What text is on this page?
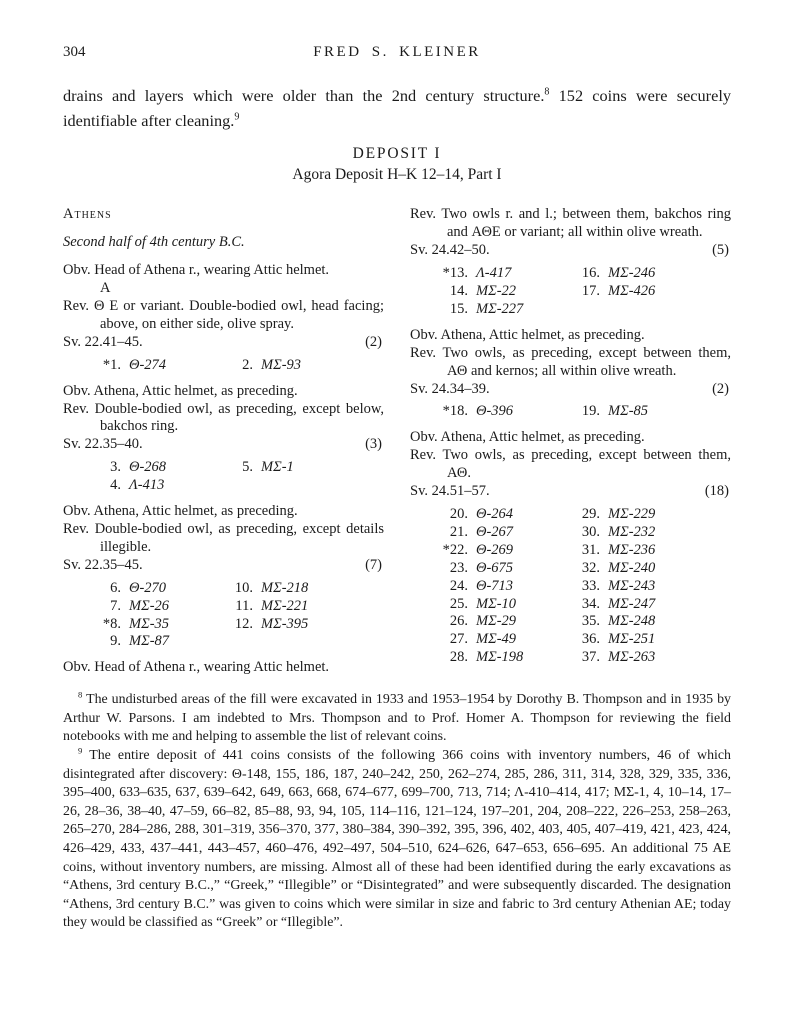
304	FRED S. KLEINER

drains and layers which were older than the 2nd century structure.$^8$ 152 coins were securely identifiable after cleaning.$^9$

DEPOSIT I
Agora Deposit H–K 12–14, Part I
Athens
Second half of 4th century B.C.
Obv. Head of Athena r., wearing Attic helmet.
A
Rev. Θ E or variant. Double-bodied owl, head facing; above, on either side, olive spray.
Sv. 22.41–45.	(2)
*1. Θ-274	2. MΣ-93
Obv. Athena, Attic helmet, as preceding.
Rev. Double-bodied owl, as preceding, except below, bakchos ring.
Sv. 22.35–40.	(3)
3. Θ-268	5. MΣ-1
4. Λ-413
Obv. Athena, Attic helmet, as preceding.
Rev. Double-bodied owl, as preceding, except details illegible.
Sv. 22.35–45.	(7)
6. Θ-270	10. MΣ-218
7. MΣ-26	11. MΣ-221
*8. MΣ-35	12. MΣ-395
9. MΣ-87
Obv. Head of Athena r., wearing Attic helmet.
Rev. Two owls r. and l.; between them, bakchos ring and ΑΘΕ or variant; all within olive wreath.
Sv. 24.42–50.	(5)
*13. Λ-417	16. MΣ-246
14. MΣ-22	17. MΣ-426
15. MΣ-227
Obv. Athena, Attic helmet, as preceding.
Rev. Two owls, as preceding, except between them, ΑΘ and kernos; all within olive wreath.
Sv. 24.34–39.	(2)
*18. Θ-396	19. MΣ-85
Obv. Athena, Attic helmet, as preceding.
Rev. Two owls, as preceding, except between them, ΑΘ.
Sv. 24.51–57.	(18)
20. Θ-264	29. MΣ-229
21. Θ-267	30. MΣ-232
*22. Θ-269	31. MΣ-236
23. Θ-675	32. MΣ-240
24. Θ-713	33. MΣ-243
25. MΣ-10	34. MΣ-247
26. MΣ-29	35. MΣ-248
27. MΣ-49	36. MΣ-251
28. MΣ-198	37. MΣ-263

$^8$ The undisturbed areas of the fill were excavated in 1933 and 1953–1954 by Dorothy B. Thompson and in 1935 by Arthur W. Parsons. I am indebted to Mrs. Thompson and to Prof. Homer A. Thompson for reviewing the field notebooks with me and helping to assemble the list of relevant coins.

$^9$ The entire deposit of 441 coins consists of the following 366 coins with inventory numbers, 46 of which disintegrated after discovery: Θ-148, 155, 186, 187, 240–242, 250, 262–274, 285, 286, 311, 314, 328, 329, 335, 336, 395–400, 633–635, 637, 639–642, 649, 663, 668, 674–677, 699–700, 713, 714; Λ-410–414, 417; MΣ-1, 4, 10–14, 17–26, 28–36, 38–40, 47–59, 66–82, 85–88, 93, 94, 105, 114–116, 121–124, 197–201, 204, 208–222, 226–253, 258–263, 265–270, 284–286, 288, 301–319, 356–370, 377, 380–384, 390–392, 395, 396, 402, 403, 405, 407–419, 421, 423, 424, 426–429, 433, 437–441, 443–457, 460–476, 492–497, 504–510, 624–626, 647–653, 656–695. An additional 75 AE coins, without inventory numbers, are missing. Almost all of these had been identified during the early excavations as “Athens, 3rd century B.C.,” “Greek,” “Illegible” or “Disintegrated” and were subsequently discarded. The designation “Athens, 3rd century B.C.” was given to coins which were similar in size and fabric to 3rd century Athenian AE; today they would be classified as “Greek” or “Illegible”.
